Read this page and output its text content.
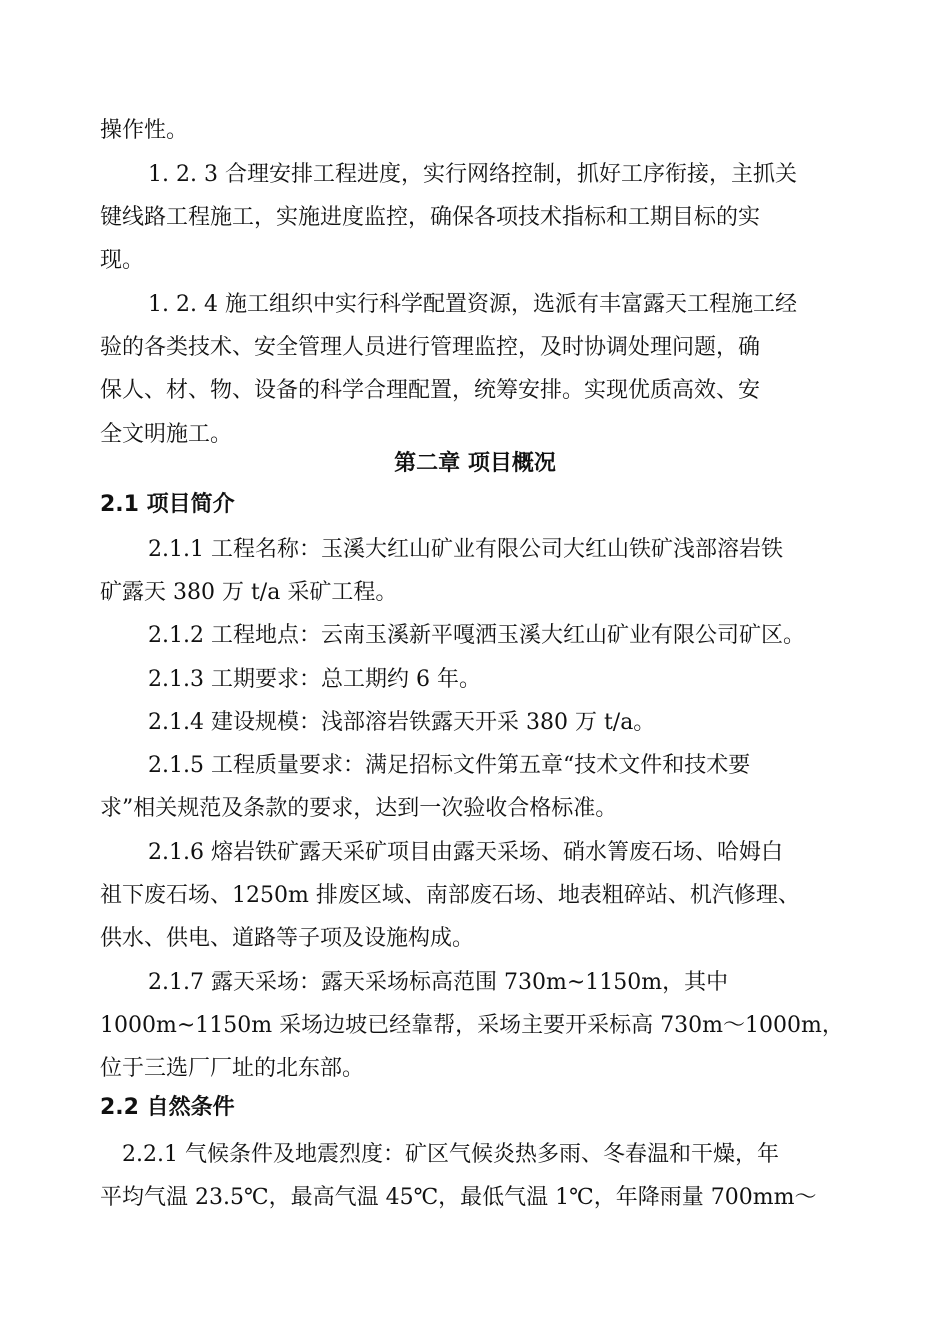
操作性。
1. 2. 3 合理安排工程进度，实行网络控制，抓好工序衔接，主抓关
键线路工程施工，实施进度监控，确保各项技术指标和工期目标的实
现。
1. 2. 4 施工组织中实行科学配置资源，选派有丰富露天工程施工经
验的各类技术、安全管理人员进行管理监控，及时协调处理问题，确
保人、材、物、设备的科学合理配置，统筹安排。实现优质高效、安
全文明施工。
第二章 项目概况
2.1 项目简介
2.1.1 工程名称：玉溪大红山矿业有限公司大红山铁矿浅部溶岩铁
矿露天 380 万 t/a 采矿工程。
2.1.2 工程地点：云南玉溪新平嘎洒玉溪大红山矿业有限公司矿区。
2.1.3 工期要求：总工期约 6 年。
2.1.4 建设规模：浅部溶岩铁露天开采 380 万 t/a。
2.1.5 工程质量要求：满足招标文件第五章“技术文件和技术要
求”相关规范及条款的要求，达到一次验收合格标准。
2.1.6 熔岩铁矿露天采矿项目由露天采场、硝水箐废石场、哈姆白
祖下废石场、1250m 排废区域、南部废石场、地表粗碎站、机汽修理、
供水、供电、道路等子项及设施构成。
2.1.7 露天采场：露天采场标高范围 730m~1150m，其中
1000m~1150m 采场边坡已经靠帮，采场主要开采标高 730m～1000m，
位于三选厂厂址的北东部。
2.2 自然条件
2.2.1 气候条件及地震烈度：矿区气候炎热多雨、冬春温和干燥，年
平均气温 23.5℃，最高气温 45℃，最低气温 1℃，年降雨量 700mm～
